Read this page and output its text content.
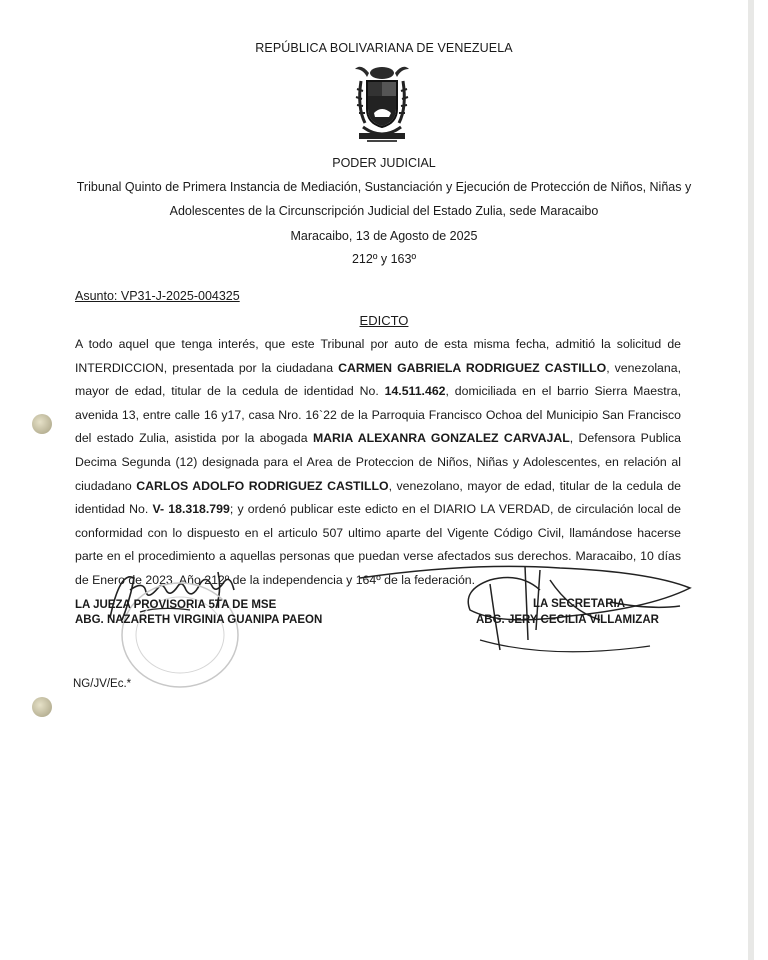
REPÚBLICA BOLIVARIANA DE VENEZUELA
PODER JUDICIAL
Tribunal Quinto de Primera Instancia de Mediación, Sustanciación y Ejecución de Protección de Niños, Niñas y
Adolescentes de la Circunscripción Judicial del Estado Zulia, sede Maracaibo
Maracaibo, 13 de Agosto de 2025
212º y 163º
Asunto: VP31-J-2025-004325
EDICTO
A todo aquel que tenga interés, que este Tribunal por auto de esta misma fecha, admitió la solicitud de INTERDICCION, presentada por la ciudadana CARMEN GABRIELA RODRIGUEZ CASTILLO, venezolana, mayor de edad, titular de la cedula de identidad No. 14.511.462, domiciliada en el barrio Sierra Maestra, avenida 13, entre calle 16 y17, casa Nro. 16`22 de la Parroquia Francisco Ochoa del Municipio San Francisco del estado Zulia, asistida por la abogada MARIA ALEXANRA GONZALEZ CARVAJAL, Defensora Publica Decima Segunda (12) designada para el Area de Proteccion de Niños, Niñas y Adolescentes, en relación al ciudadano CARLOS ADOLFO RODRIGUEZ CASTILLO, venezolano, mayor de edad, titular de la cedula de identidad No. V- 18.318.799; y ordenó publicar este edicto en el DIARIO LA VERDAD, de circulación local de conformidad con lo dispuesto en el articulo 507 ultimo aparte del Vigente Código Civil, llamándose hacerse parte en el procedimiento a aquellas personas que puedan verse afectados sus derechos. Maracaibo, 10 días de Enero de 2023. Año 212º de la independencia y 164º de la federación.
LA JUEZA PROVISORIA 5TA DE MSE
ABG. NAZARETH VIRGINIA GUANIPA PAEON
LA SECRETARIA
ABG. JERY CECILIA VILLAMIZAR
NG/JV/Ec.*
